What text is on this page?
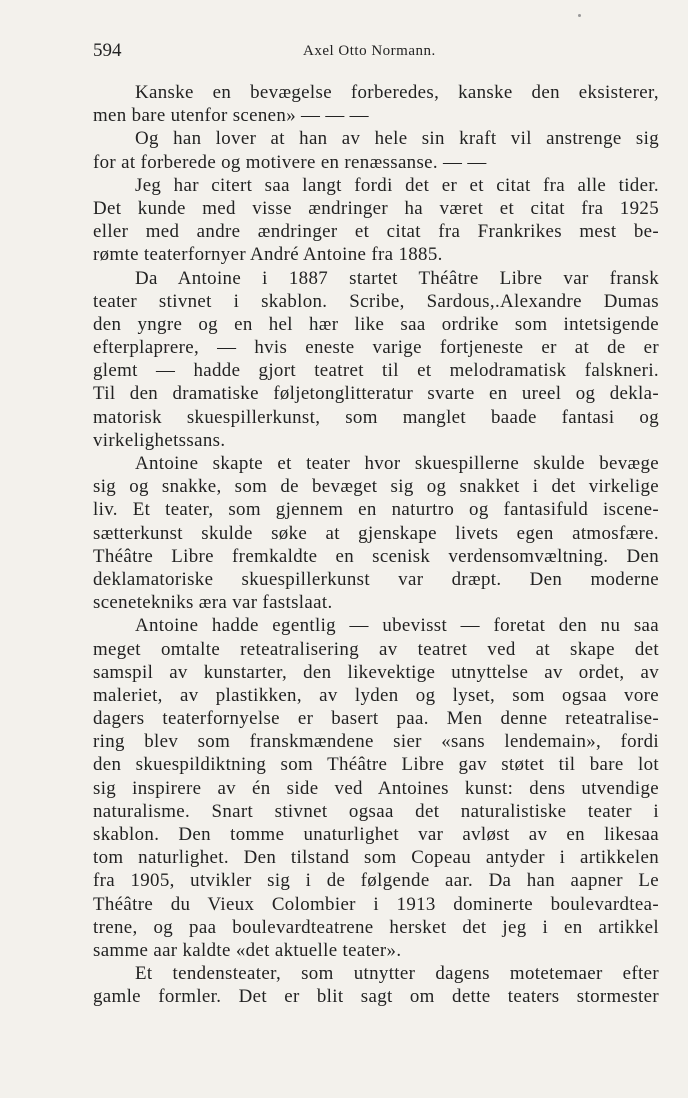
594	Axel Otto Normann.
Kanske en bevægelse forberedes, kanske den eksisterer,
men bare utenfor scenen» — — —
Og han lover at han av hele sin kraft vil anstrenge sig
for at forberede og motivere en renæssanse. — —
Jeg har citert saa langt fordi det er et citat fra alle tider.
Det kunde med visse ændringer ha været et citat fra 1925
eller med andre ændringer et citat fra Frankrikes mest be-
rømte teaterfornyer André Antoine fra 1885.
Da Antoine i 1887 startet Théâtre Libre var fransk
teater stivnet i skablon. Scribe, Sardous,.Alexandre Dumas
den yngre og en hel hær like saa ordrike som intetsigende
efterplaprere, — hvis eneste varige fortjeneste er at de er
glemt — hadde gjort teatret til et melodramatisk falskneri.
Til den dramatiske føljetonglitteratur svarte en ureel og dekla-
matorisk skuespillerkunst, som manglet baade fantasi og
virkelighetssans.
Antoine skapte et teater hvor skuespillerne skulde bevæge
sig og snakke, som de bevæget sig og snakket i det virkelige
liv. Et teater, som gjennem en naturtro og fantasifuld iscene-
sætterkunst skulde søke at gjenskape livets egen atmosfære.
Théâtre Libre fremkaldte en scenisk verdensomvæltning. Den
deklamatoriske skuespillerkunst var dræpt. Den moderne
scenetekniks æra var fastslaat.
Antoine hadde egentlig — ubevisst — foretat den nu saa
meget omtalte reteatralisering av teatret ved at skape det
samspil av kunstarter, den likevektige utnyttelse av ordet, av
maleriet, av plastikken, av lyden og lyset, som ogsaa vore
dagers teaterfornyelse er basert paa. Men denne reteatralise-
ring blev som franskmændene sier «sans lendemain», fordi
den skuespildiktning som Théâtre Libre gav støtet til bare lot
sig inspirere av én side ved Antoines kunst: dens utvendige
naturalisme. Snart stivnet ogsaa det naturalistiske teater i
skablon. Den tomme unaturlighet var avløst av en likesaa
tom naturlighet. Den tilstand som Copeau antyder i artikkelen
fra 1905, utvikler sig i de følgende aar. Da han aapner Le
Théâtre du Vieux Colombier i 1913 dominerte boulevardtea-
trene, og paa boulevardteatrene hersket det jeg i en artikkel
samme aar kaldte «det aktuelle teater».
Et tendensteater, som utnytter dagens motetemaer efter
gamle formler. Det er blit sagt om dette teaters stormester
